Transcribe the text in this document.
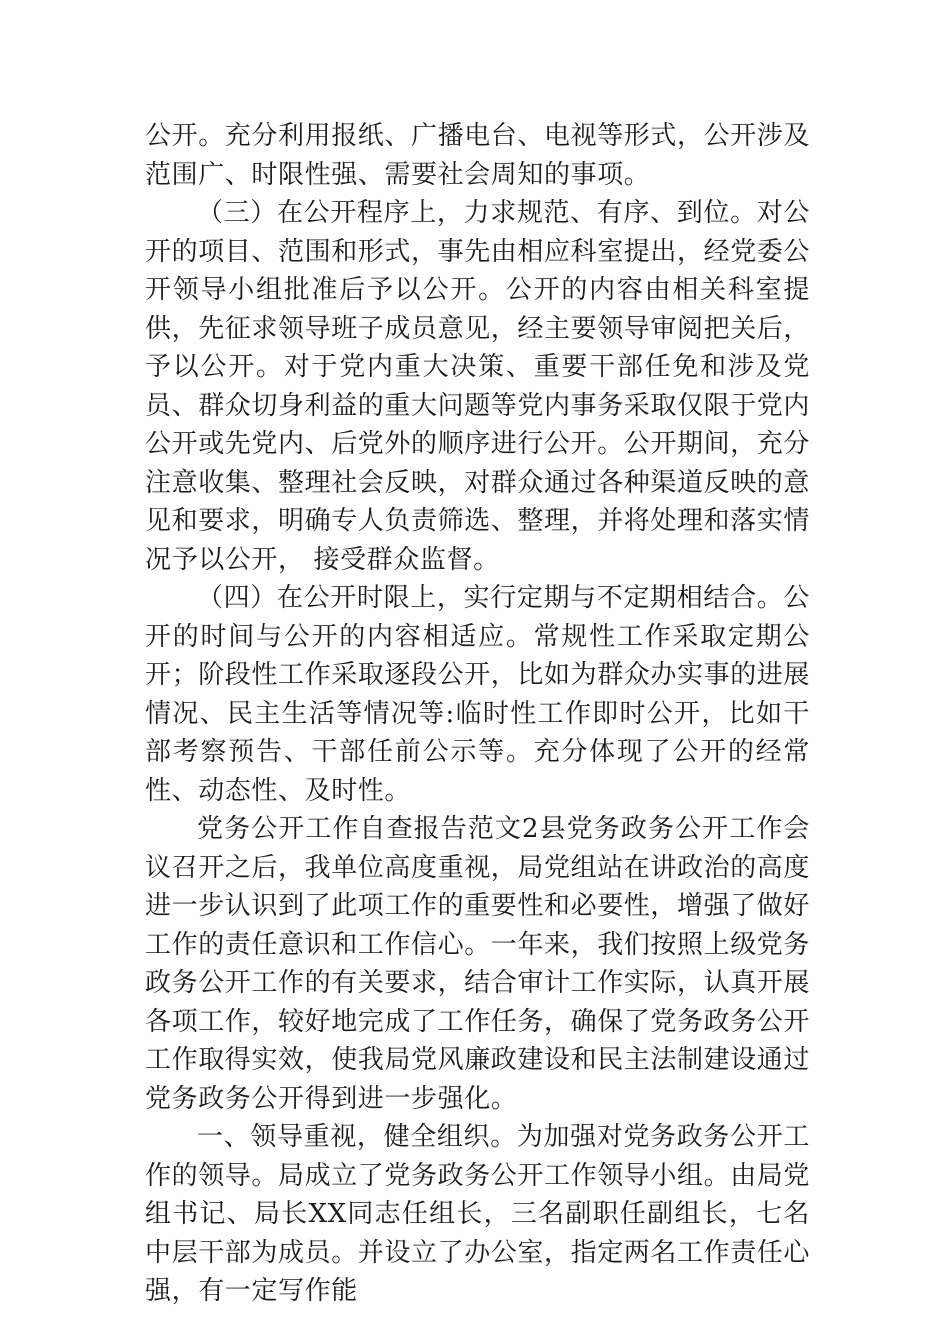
公开。充分利用报纸、广播电台、电视等形式，公开涉及范围广、时限性强、需要社会周知的事项。

（三）在公开程序上，力求规范、有序、到位。对公开的项目、范围和形式，事先由相应科室提出，经党委公开领导小组批准后予以公开。公开的内容由相关科室提供，先征求领导班子成员意见，经主要领导审阅把关后，予以公开。对于党内重大决策、重要干部任免和涉及党员、群众切身利益的重大问题等党内事务采取仅限于党内公开或先党内、后党外的顺序进行公开。公开期间，充分注意收集、整理社会反映，对群众通过各种渠道反映的意见和要求，明确专人负责筛选、整理，并将处理和落实情况予以公开， 接受群众监督。

（四）在公开时限上，实行定期与不定期相结合。公开的时间与公开的内容相适应。常规性工作采取定期公开；阶段性工作采取逐段公开，比如为群众办实事的进展情况、民主生活等情况等:临时性工作即时公开，比如干部考察预告、干部任前公示等。充分体现了公开的经常性、动态性、及时性。

党务公开工作自查报告范文2县党务政务公开工作会议召开之后，我单位高度重视，局党组站在讲政治的高度进一步认识到了此项工作的重要性和必要性，增强了做好工作的责任意识和工作信心。一年来，我们按照上级党务政务公开工作的有关要求，结合审计工作实际，认真开展各项工作，较好地完成了工作任务，确保了党务政务公开工作取得实效，使我局党风廉政建设和民主法制建设通过党务政务公开得到进一步强化。

一、领导重视，健全组织。为加强对党务政务公开工作的领导。局成立了党务政务公开工作领导小组。由局党组书记、局长XX同志任组长，三名副职任副组长，七名中层干部为成员。并设立了办公室，指定两名工作责任心强，有一定写作能
